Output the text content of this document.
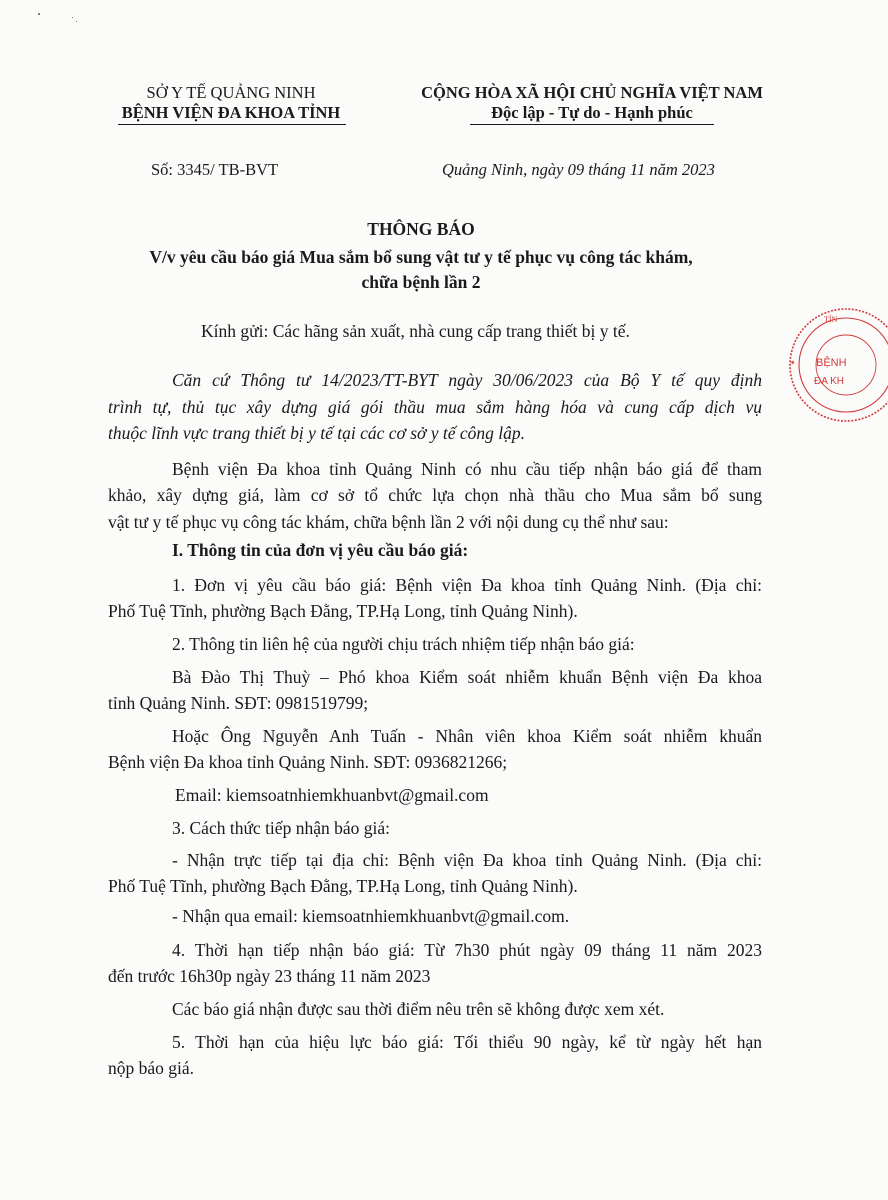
SỞ Y TẾ QUẢNG NINH
BỆNH VIỆN ĐA KHOA TỈNH
Số: 3345/ TB-BVT
CỘNG HÒA XÃ HỘI CHỦ NGHĨA VIỆT NAM
Độc lập - Tự do - Hạnh phúc
Quảng Ninh, ngày 09 tháng 11 năm 2023
THÔNG BÁO
V/v yêu cầu báo giá Mua sắm bổ sung vật tư y tế phục vụ công tác khám,
chữa bệnh lần 2
Kính gửi: Các hãng sản xuất, nhà cung cấp trang thiết bị y tế.
Căn cứ Thông tư 14/2023/TT-BYT ngày 30/06/2023 của Bộ Y tế quy định
trình tự, thủ tục xây dựng giá gói thầu mua sắm hàng hóa và cung cấp dịch vụ
thuộc lĩnh vực trang thiết bị y tế tại các cơ sở y tế công lập.
Bệnh viện Đa khoa tỉnh Quảng Ninh có nhu cầu tiếp nhận báo giá để tham
khảo, xây dựng giá, làm cơ sở tổ chức lựa chọn nhà thầu cho Mua sắm bổ sung
vật tư y tế phục vụ công tác khám, chữa bệnh lần 2 với nội dung cụ thể như sau:
I. Thông tin của đơn vị yêu cầu báo giá:
1. Đơn vị yêu cầu báo giá: Bệnh viện Đa khoa tỉnh Quảng Ninh. (Địa chỉ:
Phố Tuệ Tĩnh, phường Bạch Đằng, TP.Hạ Long, tỉnh Quảng Ninh).
2. Thông tin liên hệ của người chịu trách nhiệm tiếp nhận báo giá:
Bà Đào Thị Thuỳ – Phó khoa Kiểm soát nhiễm khuẩn Bệnh viện Đa khoa
tỉnh Quảng Ninh. SĐT: 0981519799;
Hoặc Ông Nguyễn Anh Tuấn - Nhân viên khoa Kiểm soát nhiễm khuẩn
Bệnh viện Đa khoa tỉnh Quảng Ninh. SĐT: 0936821266;
Email: kiemsoatnhiemkhuanbvt@gmail.com
3. Cách thức tiếp nhận báo giá:
- Nhận trực tiếp tại địa chỉ: Bệnh viện Đa khoa tỉnh Quảng Ninh. (Địa chỉ:
Phố Tuệ Tĩnh, phường Bạch Đằng, TP.Hạ Long, tỉnh Quảng Ninh).
- Nhận qua email: kiemsoatnhiemkhuanbvt@gmail.com.
4. Thời hạn tiếp nhận báo giá: Từ 7h30 phút ngày 09 tháng 11 năm 2023
đến trước 16h30p ngày 23 tháng 11 năm 2023
Các báo giá nhận được sau thời điểm nêu trên sẽ không được xem xét.
5. Thời hạn của hiệu lực báo giá: Tối thiểu 90 ngày, kể từ ngày hết hạn
nộp báo giá.
TỈN
BỆNH
ĐA KH
✦
